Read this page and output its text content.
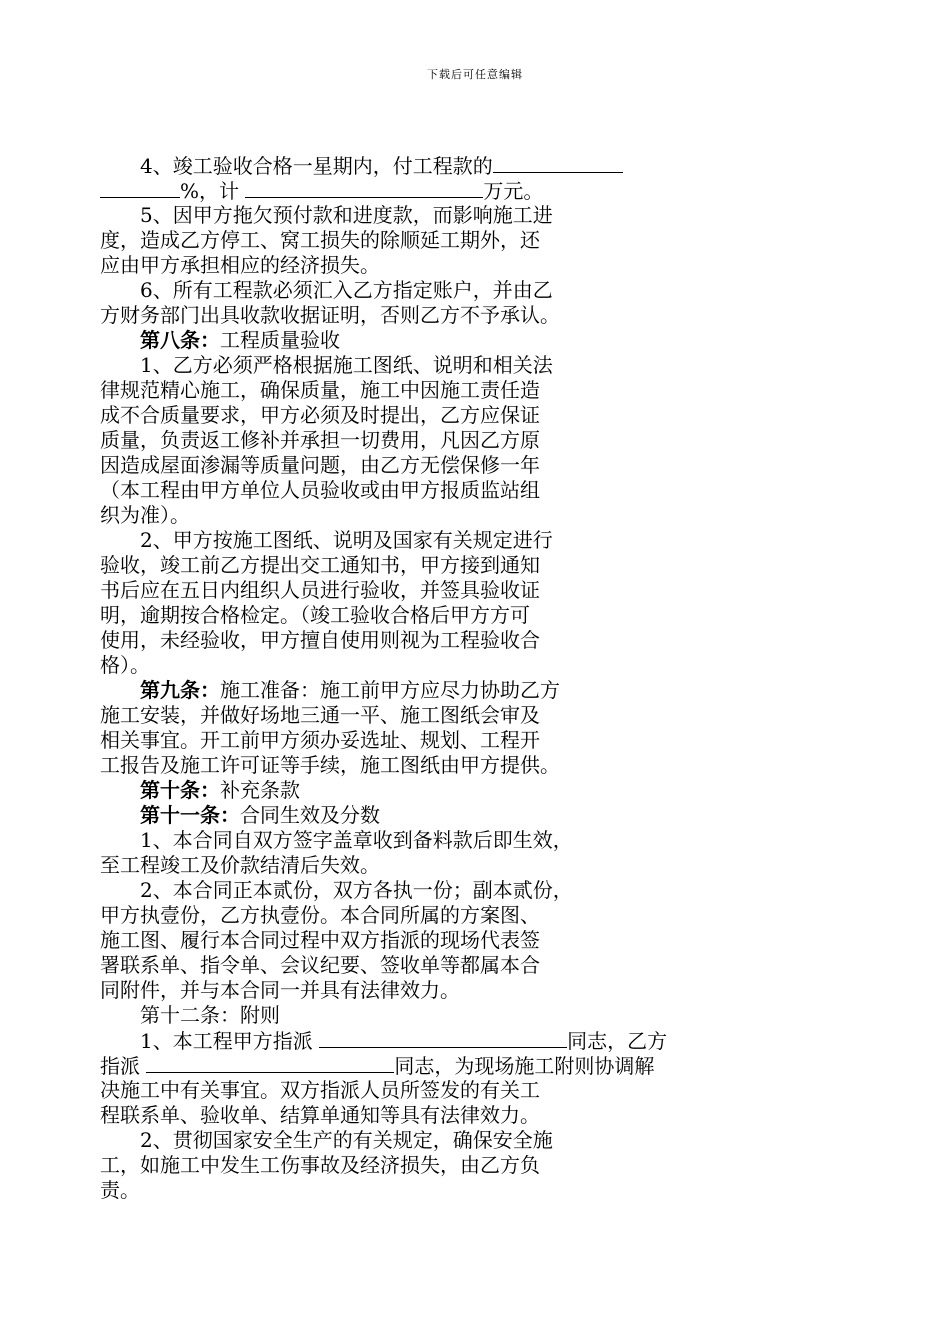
下载后可任意编辑
　　4、竣工验收合格一星期内，付工程款的
%，计	万元。
　　5、因甲方拖欠预付款和进度款，而影响施工进
度，造成乙方停工、窝工损失的除顺延工期外，还
应由甲方承担相应的经济损失。
　　6、所有工程款必须汇入乙方指定账户，并由乙
方财务部门出具收款收据证明，否则乙方不予承认。
　　第八条：工程质量验收
　　1、乙方必须严格根据施工图纸、说明和相关法
律规范精心施工，确保质量，施工中因施工责任造
成不合质量要求，甲方必须及时提出，乙方应保证
质量，负责返工修补并承担一切费用，凡因乙方原
因造成屋面渗漏等质量问题，由乙方无偿保修一年
（本工程由甲方单位人员验收或由甲方报质监站组
织为准）。
　　2、甲方按施工图纸、说明及国家有关规定进行
验收，竣工前乙方提出交工通知书，甲方接到通知
书后应在五日内组织人员进行验收，并签具验收证
明，逾期按合格检定。（竣工验收合格后甲方方可
使用，未经验收，甲方擅自使用则视为工程验收合
格）。
　　第九条：施工准备：施工前甲方应尽力协助乙方
施工安装，并做好场地三通一平、施工图纸会审及
相关事宜。开工前甲方须办妥选址、规划、工程开
工报告及施工许可证等手续，施工图纸由甲方提供。
　　第十条：补充条款
　　第十一条：合同生效及分数
　　1、本合同自双方签字盖章收到备料款后即生效，
至工程竣工及价款结清后失效。
　　2、本合同正本贰份，双方各执一份；副本贰份，
甲方执壹份，乙方执壹份。本合同所属的方案图、
施工图、履行本合同过程中双方指派的现场代表签
署联系单、指令单、会议纪要、签收单等都属本合
同附件，并与本合同一并具有法律效力。
　　第十二条：附则
　　1、本工程甲方指派	同志，乙方
指派	同志，为现场施工附则协调解
决施工中有关事宜。双方指派人员所签发的有关工
程联系单、验收单、结算单通知等具有法律效力。
　　2、贯彻国家安全生产的有关规定，确保安全施
工，如施工中发生工伤事故及经济损失，由乙方负
责。
